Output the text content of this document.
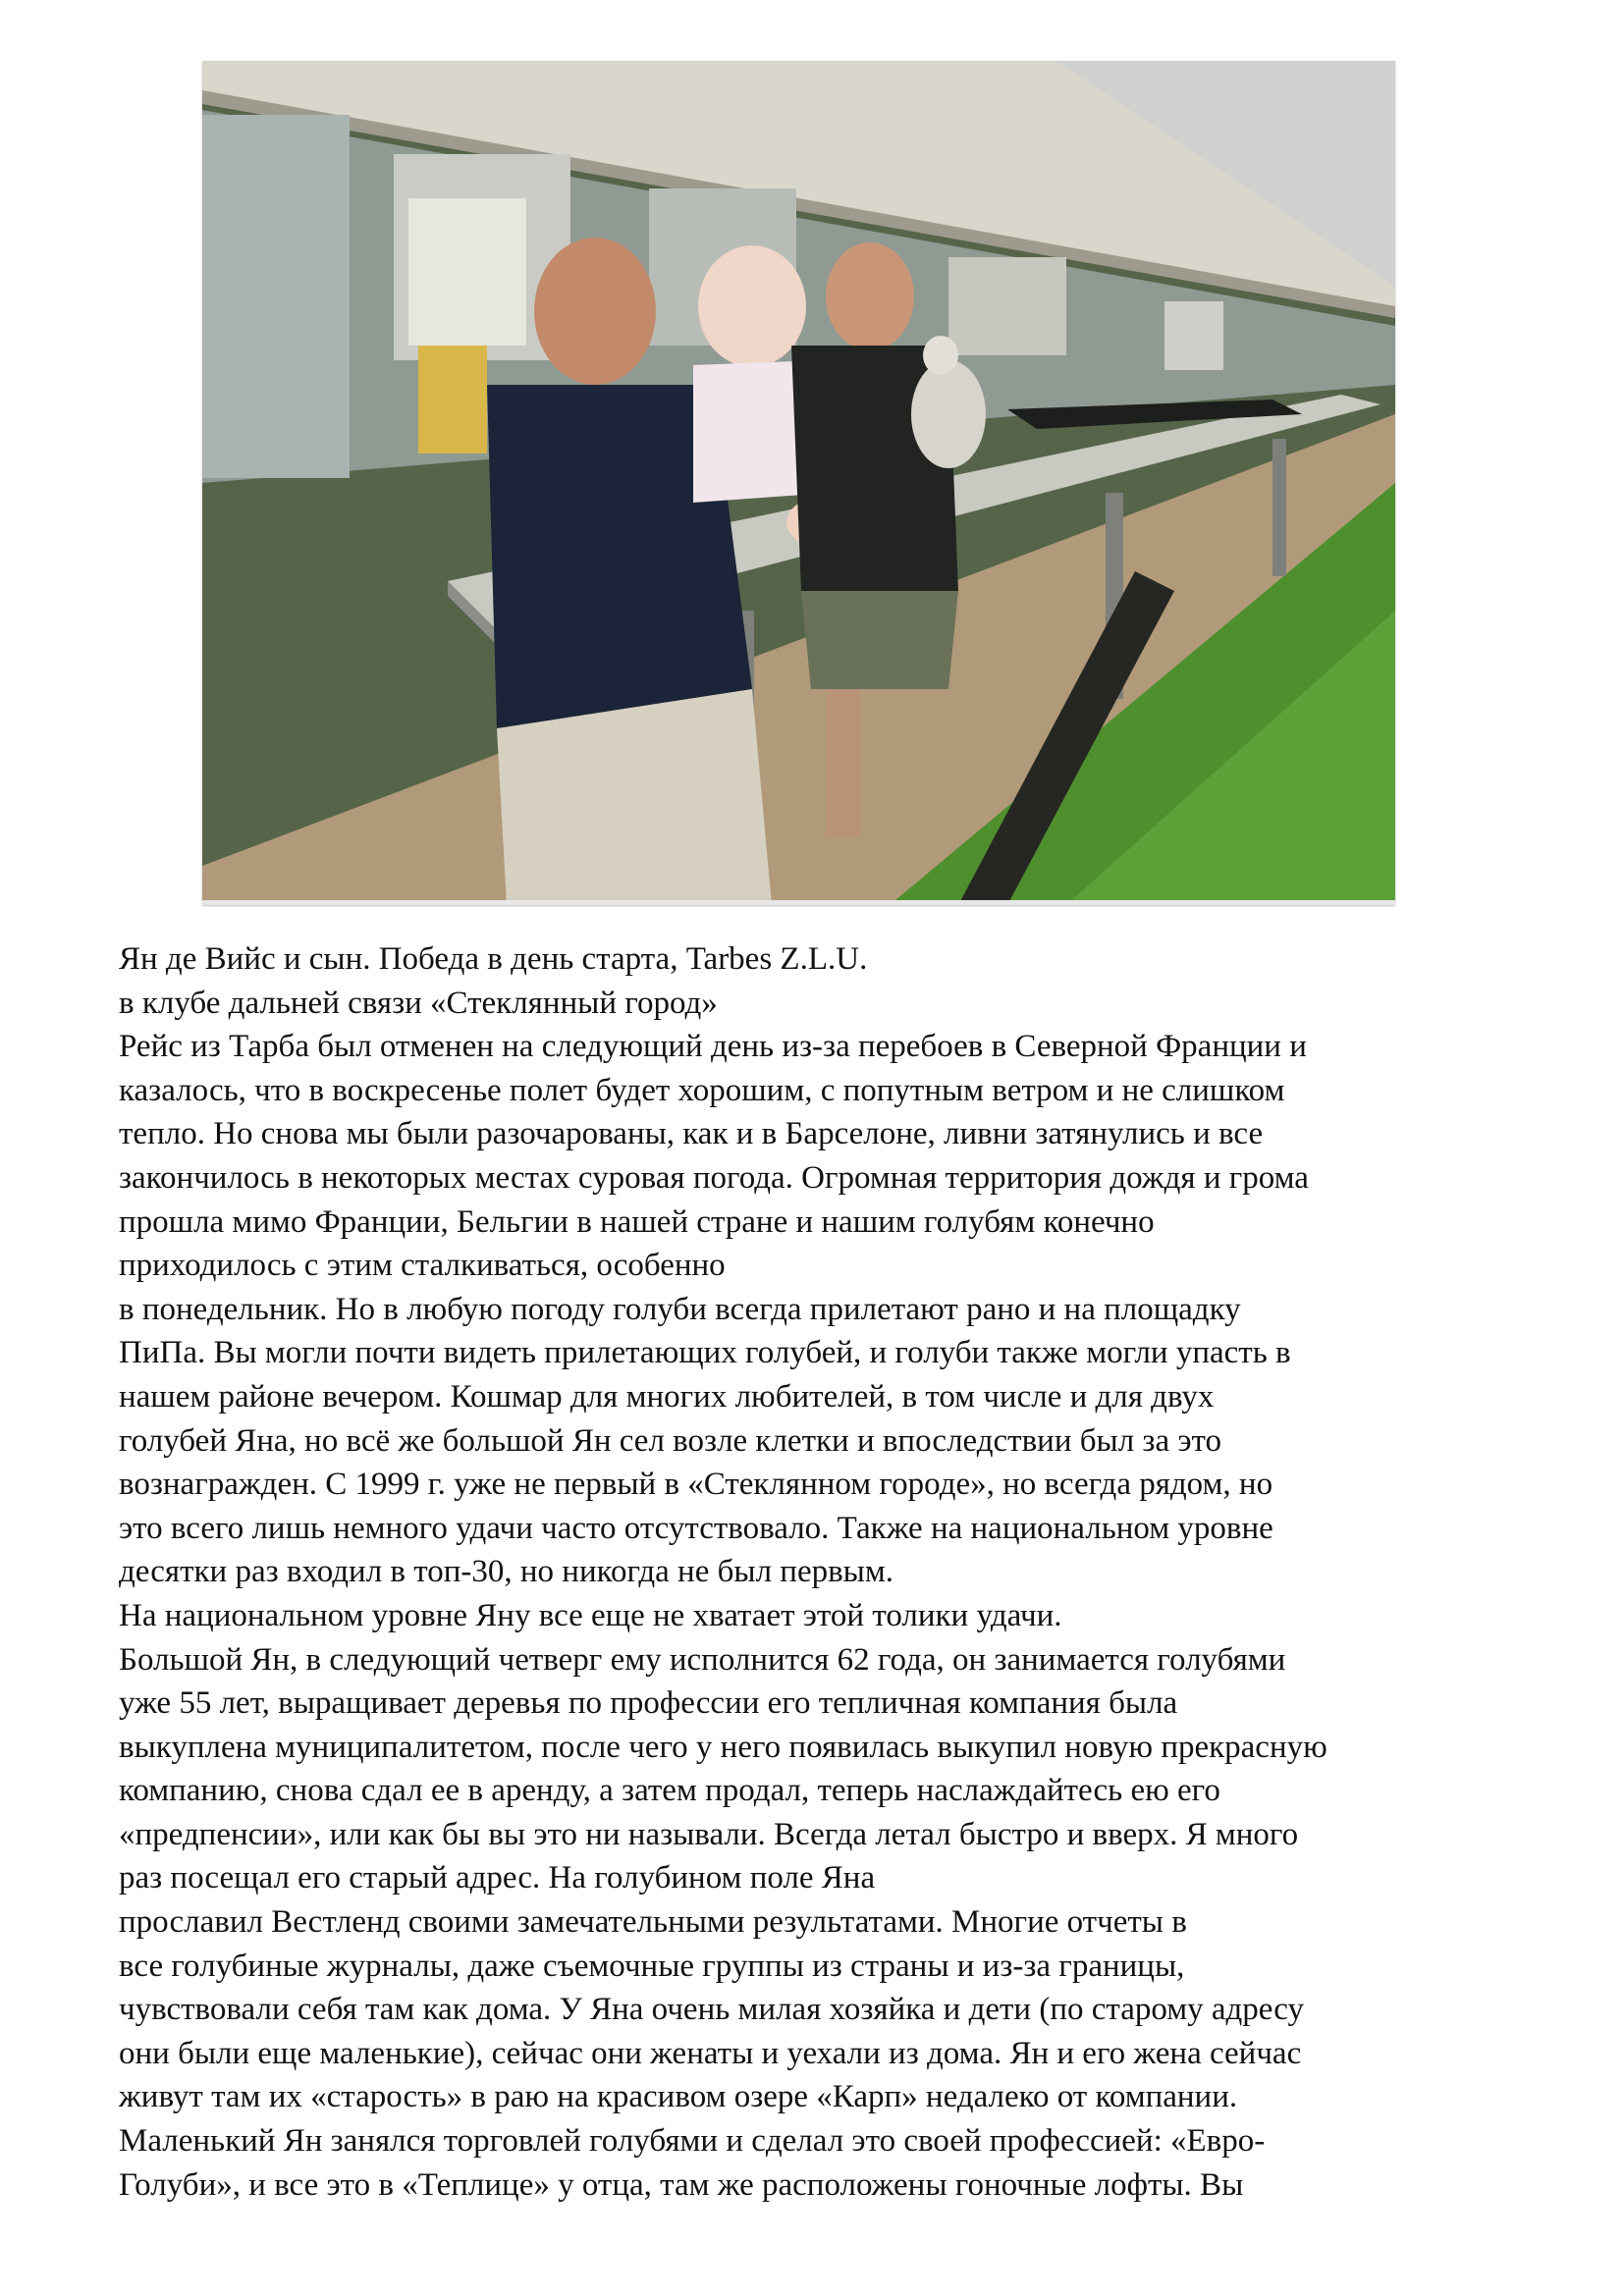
Ян де Вийс и сын. Победа в день старта, Tarbes Z.L.U.

в клубе дальней связи «Стеклянный город»

Рейс из Тарба был отменен на следующий день из-за перебоев в Северной Франции и

казалось, что в воскресенье полет будет хорошим, с попутным ветром и не слишком

тепло. Но снова мы были разочарованы, как и в Барселоне, ливни затянулись и все

закончилось в некоторых местах суровая погода. Огромная территория дождя и грома

прошла мимо Франции, Бельгии в нашей стране и нашим голубям конечно

приходилось с этим сталкиваться, особенно

в понедельник. Но в любую погоду голуби всегда прилетают рано и на площадку

ПиПа. Вы могли почти видеть прилетающих голубей, и голуби также могли упасть в

нашем районе вечером. Кошмар для многих любителей, в том числе и для двух

голубей Яна, но всё же большой Ян сел возле клетки и впоследствии был за это

вознагражден. С 1999 г. уже не первый в «Стеклянном городе», но всегда рядом, но

это всего лишь немного удачи часто отсутствовало. Также на национальном уровне

десятки раз входил в топ-30, но никогда не был первым.

На национальном уровне Яну все еще не хватает этой толики удачи.

Большой Ян, в следующий четверг ему исполнится 62 года, он занимается голубями

уже 55 лет, выращивает деревья по профессии его тепличная компания была

выкуплена муниципалитетом, после чего у него появилась выкупил новую прекрасную

компанию, снова сдал ее в аренду, а затем продал, теперь наслаждайтесь ею его

«предпенсии», или как бы вы это ни называли. Всегда летал быстро и вверх. Я много

раз посещал его старый адрес. На голубином поле Яна

прославил Вестленд своими замечательными результатами. Многие отчеты в

все голубиные журналы, даже съемочные группы из страны и из-за границы,

чувствовали себя там как дома. У Яна очень милая хозяйка и дети (по старому адресу

они были еще маленькие), сейчас они женаты и уехали из дома. Ян и его жена сейчас

живут там их «старость» в раю на красивом озере «Карп» недалеко от компании.

Маленький Ян занялся торговлей голубями и сделал это своей профессией: «Евро-

Голуби», и все это в «Теплице» у отца, там же расположены гоночные лофты. Вы
